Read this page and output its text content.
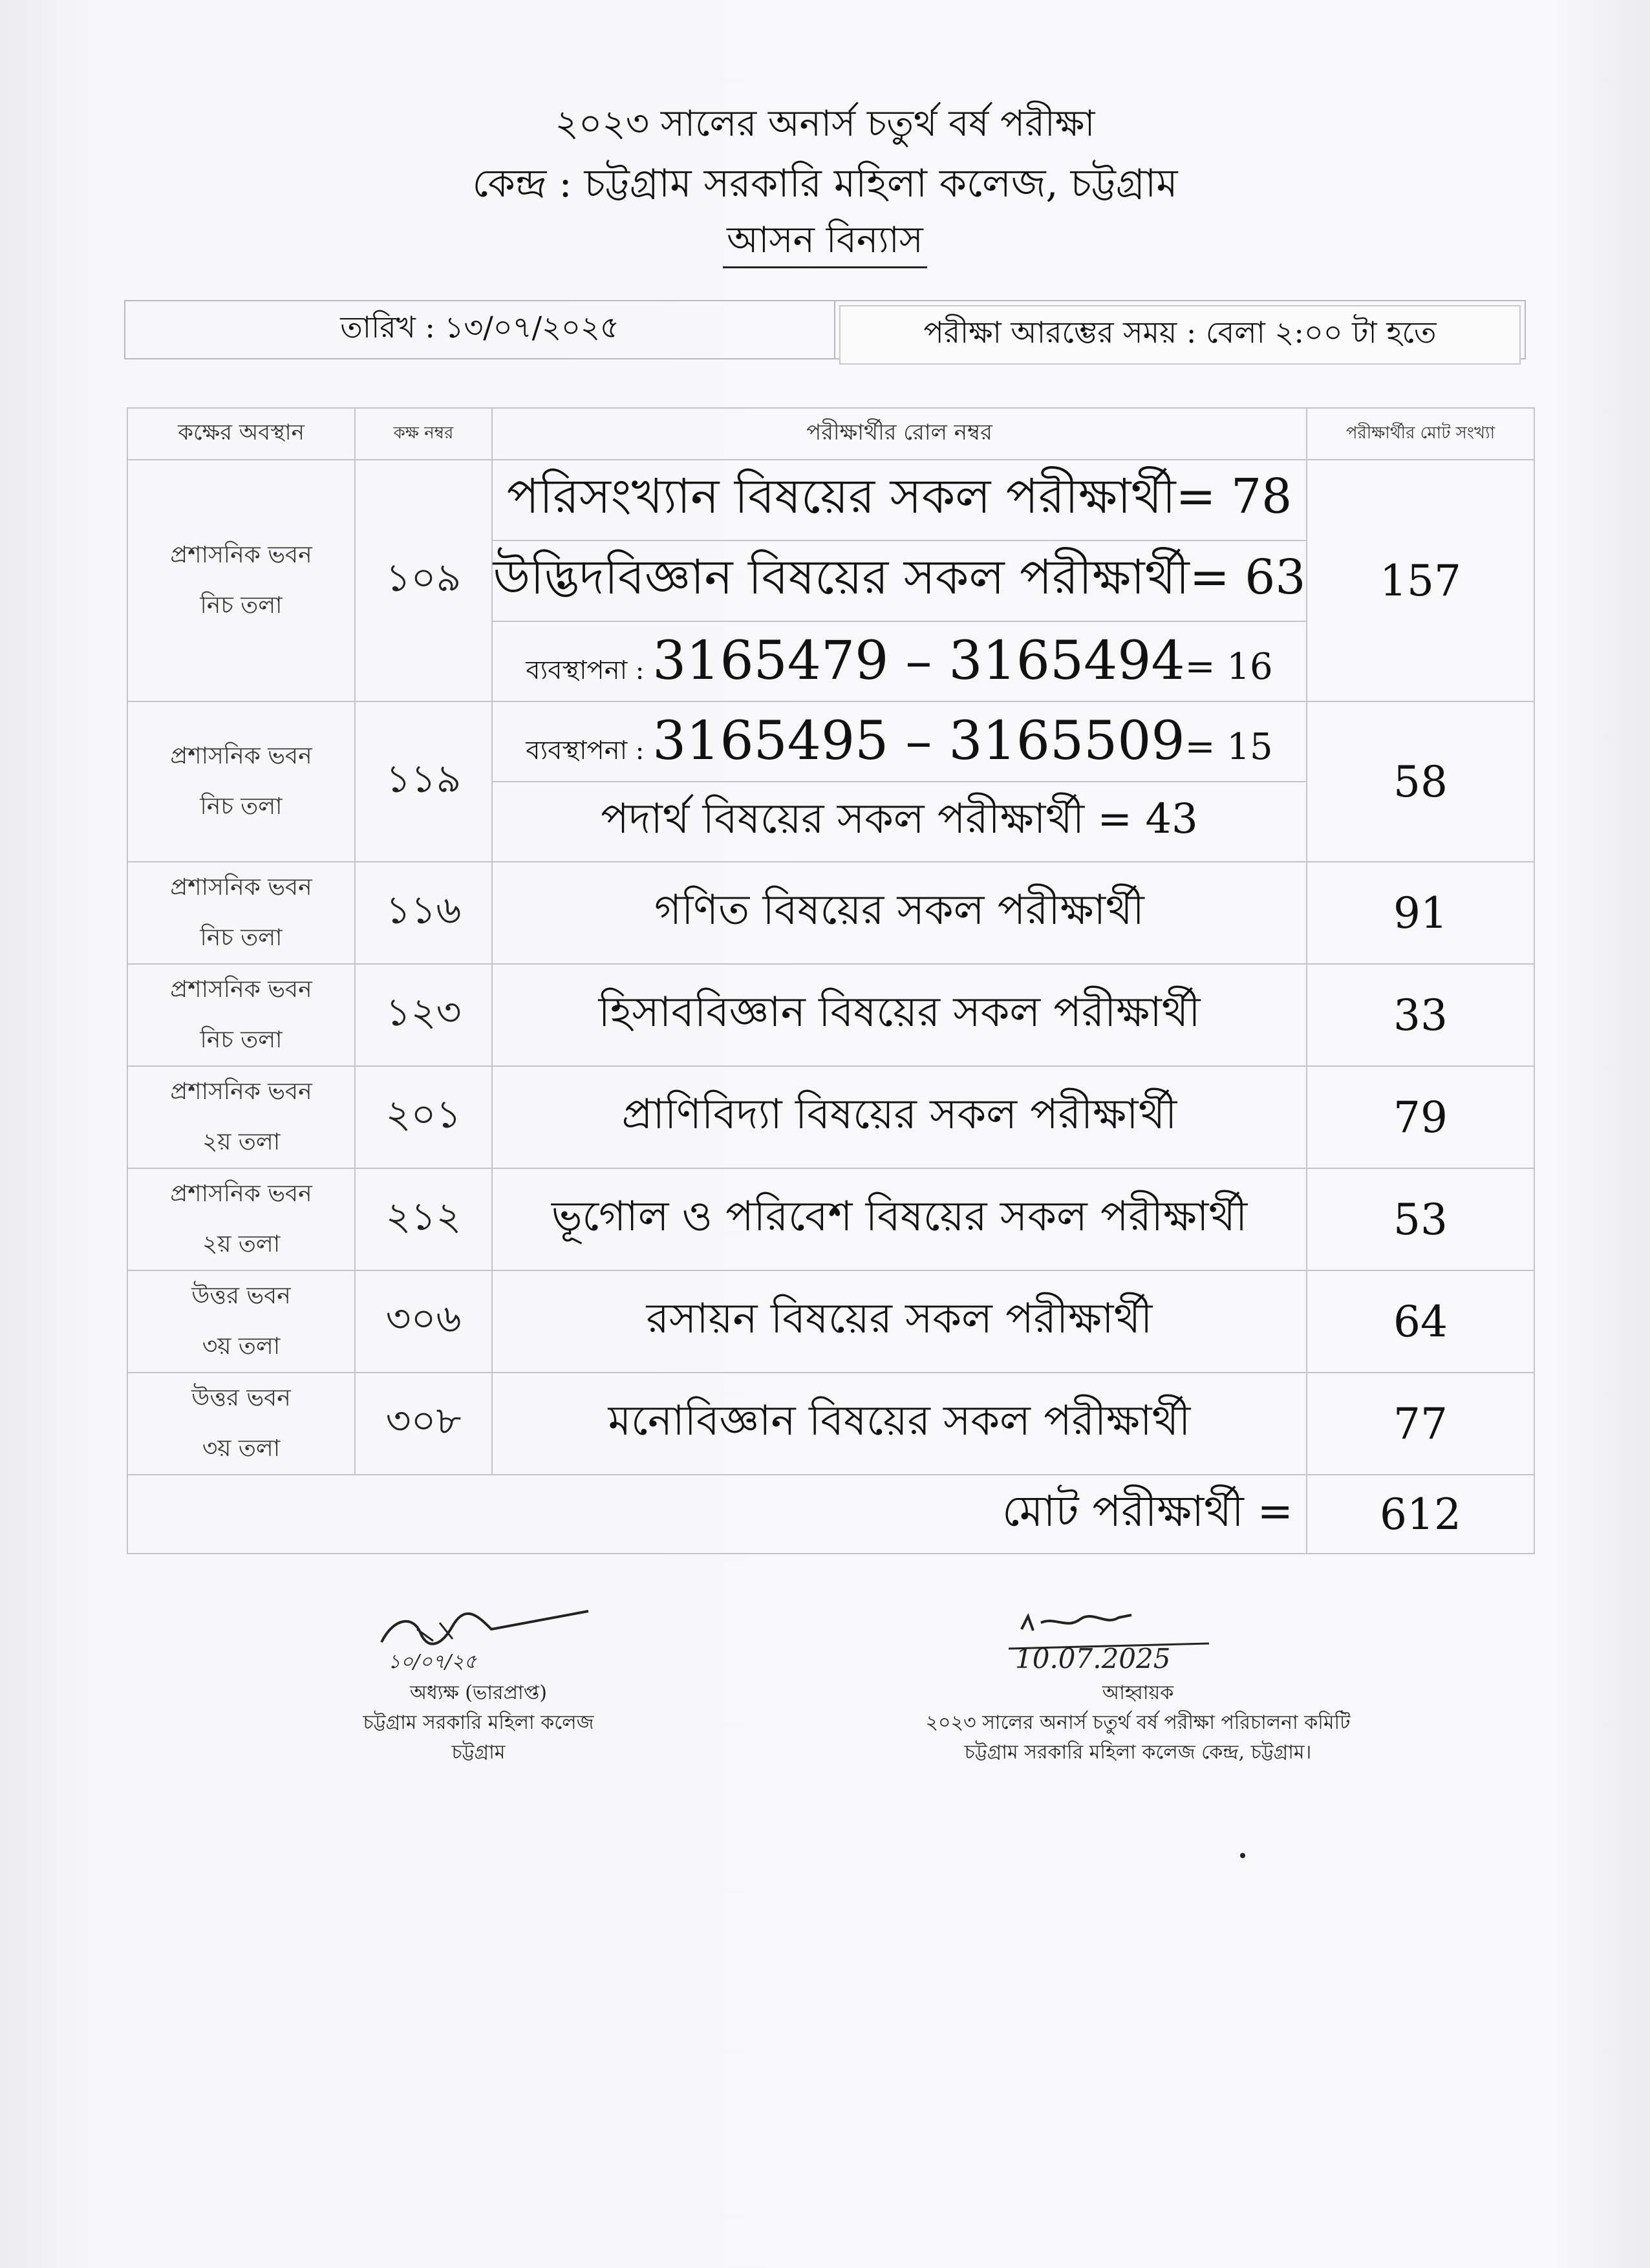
২০২৩ সালের অনার্স চতুর্থ বর্ষ পরীক্ষা
কেন্দ্র : চট্টগ্রাম সরকারি মহিলা কলেজ, চট্টগ্রাম
আসন বিন্যাস
তারিখ : ১৩/০৭/২০২৫	পরীক্ষা আরম্ভের সময় : বেলা ২:০০ টা হতে
কক্ষের অবস্থান	কক্ষ নম্বর	পরীক্ষার্থীর রোল নম্বর	পরীক্ষার্থীর মোট সংখ্যা

প্রশাসনিক ভবন
নিচ তলা	১০৯	পরিসংখ্যান বিষয়ের সকল পরীক্ষার্থী= 78	157
		উদ্ভিদবিজ্ঞান বিষয়ের সকল পরীক্ষার্থী= 63	
		ব্যবস্থাপনা : 3165479 – 3165494= 16	

প্রশাসনিক ভবন
নিচ তলা	১১৯	ব্যবস্থাপনা : 3165495 – 3165509= 15	58
		পদার্থ বিষয়ের সকল পরীক্ষার্থী = 43	

প্রশাসনিক ভবন
নিচ তলা	১১৬	গণিত বিষয়ের সকল পরীক্ষার্থী	91

প্রশাসনিক ভবন
নিচ তলা	১২৩	হিসাববিজ্ঞান বিষয়ের সকল পরীক্ষার্থী	33

প্রশাসনিক ভবন
২য় তলা	২০১	প্রাণিবিদ্যা বিষয়ের সকল পরীক্ষার্থী	79

প্রশাসনিক ভবন
২য় তলা	২১২	ভূগোল ও পরিবেশ বিষয়ের সকল পরীক্ষার্থী	53

উত্তর ভবন
৩য় তলা	৩০৬	রসায়ন বিষয়ের সকল পরীক্ষার্থী	64

উত্তর ভবন
৩য় তলা	৩০৮	মনোবিজ্ঞান বিষয়ের সকল পরীক্ষার্থী	77
মোট পরীক্ষার্থী =			612
১০/০৭/২৫
অধ্যক্ষ (ভারপ্রাপ্ত)
চট্টগ্রাম সরকারি মহিলা কলেজ
চট্টগ্রাম
10.07.2025
আহ্বায়ক
২০২৩ সালের অনার্স চতুর্থ বর্ষ পরীক্ষা পরিচালনা কমিটি
চট্টগ্রাম সরকারি মহিলা কলেজ কেন্দ্র, চট্টগ্রাম।
